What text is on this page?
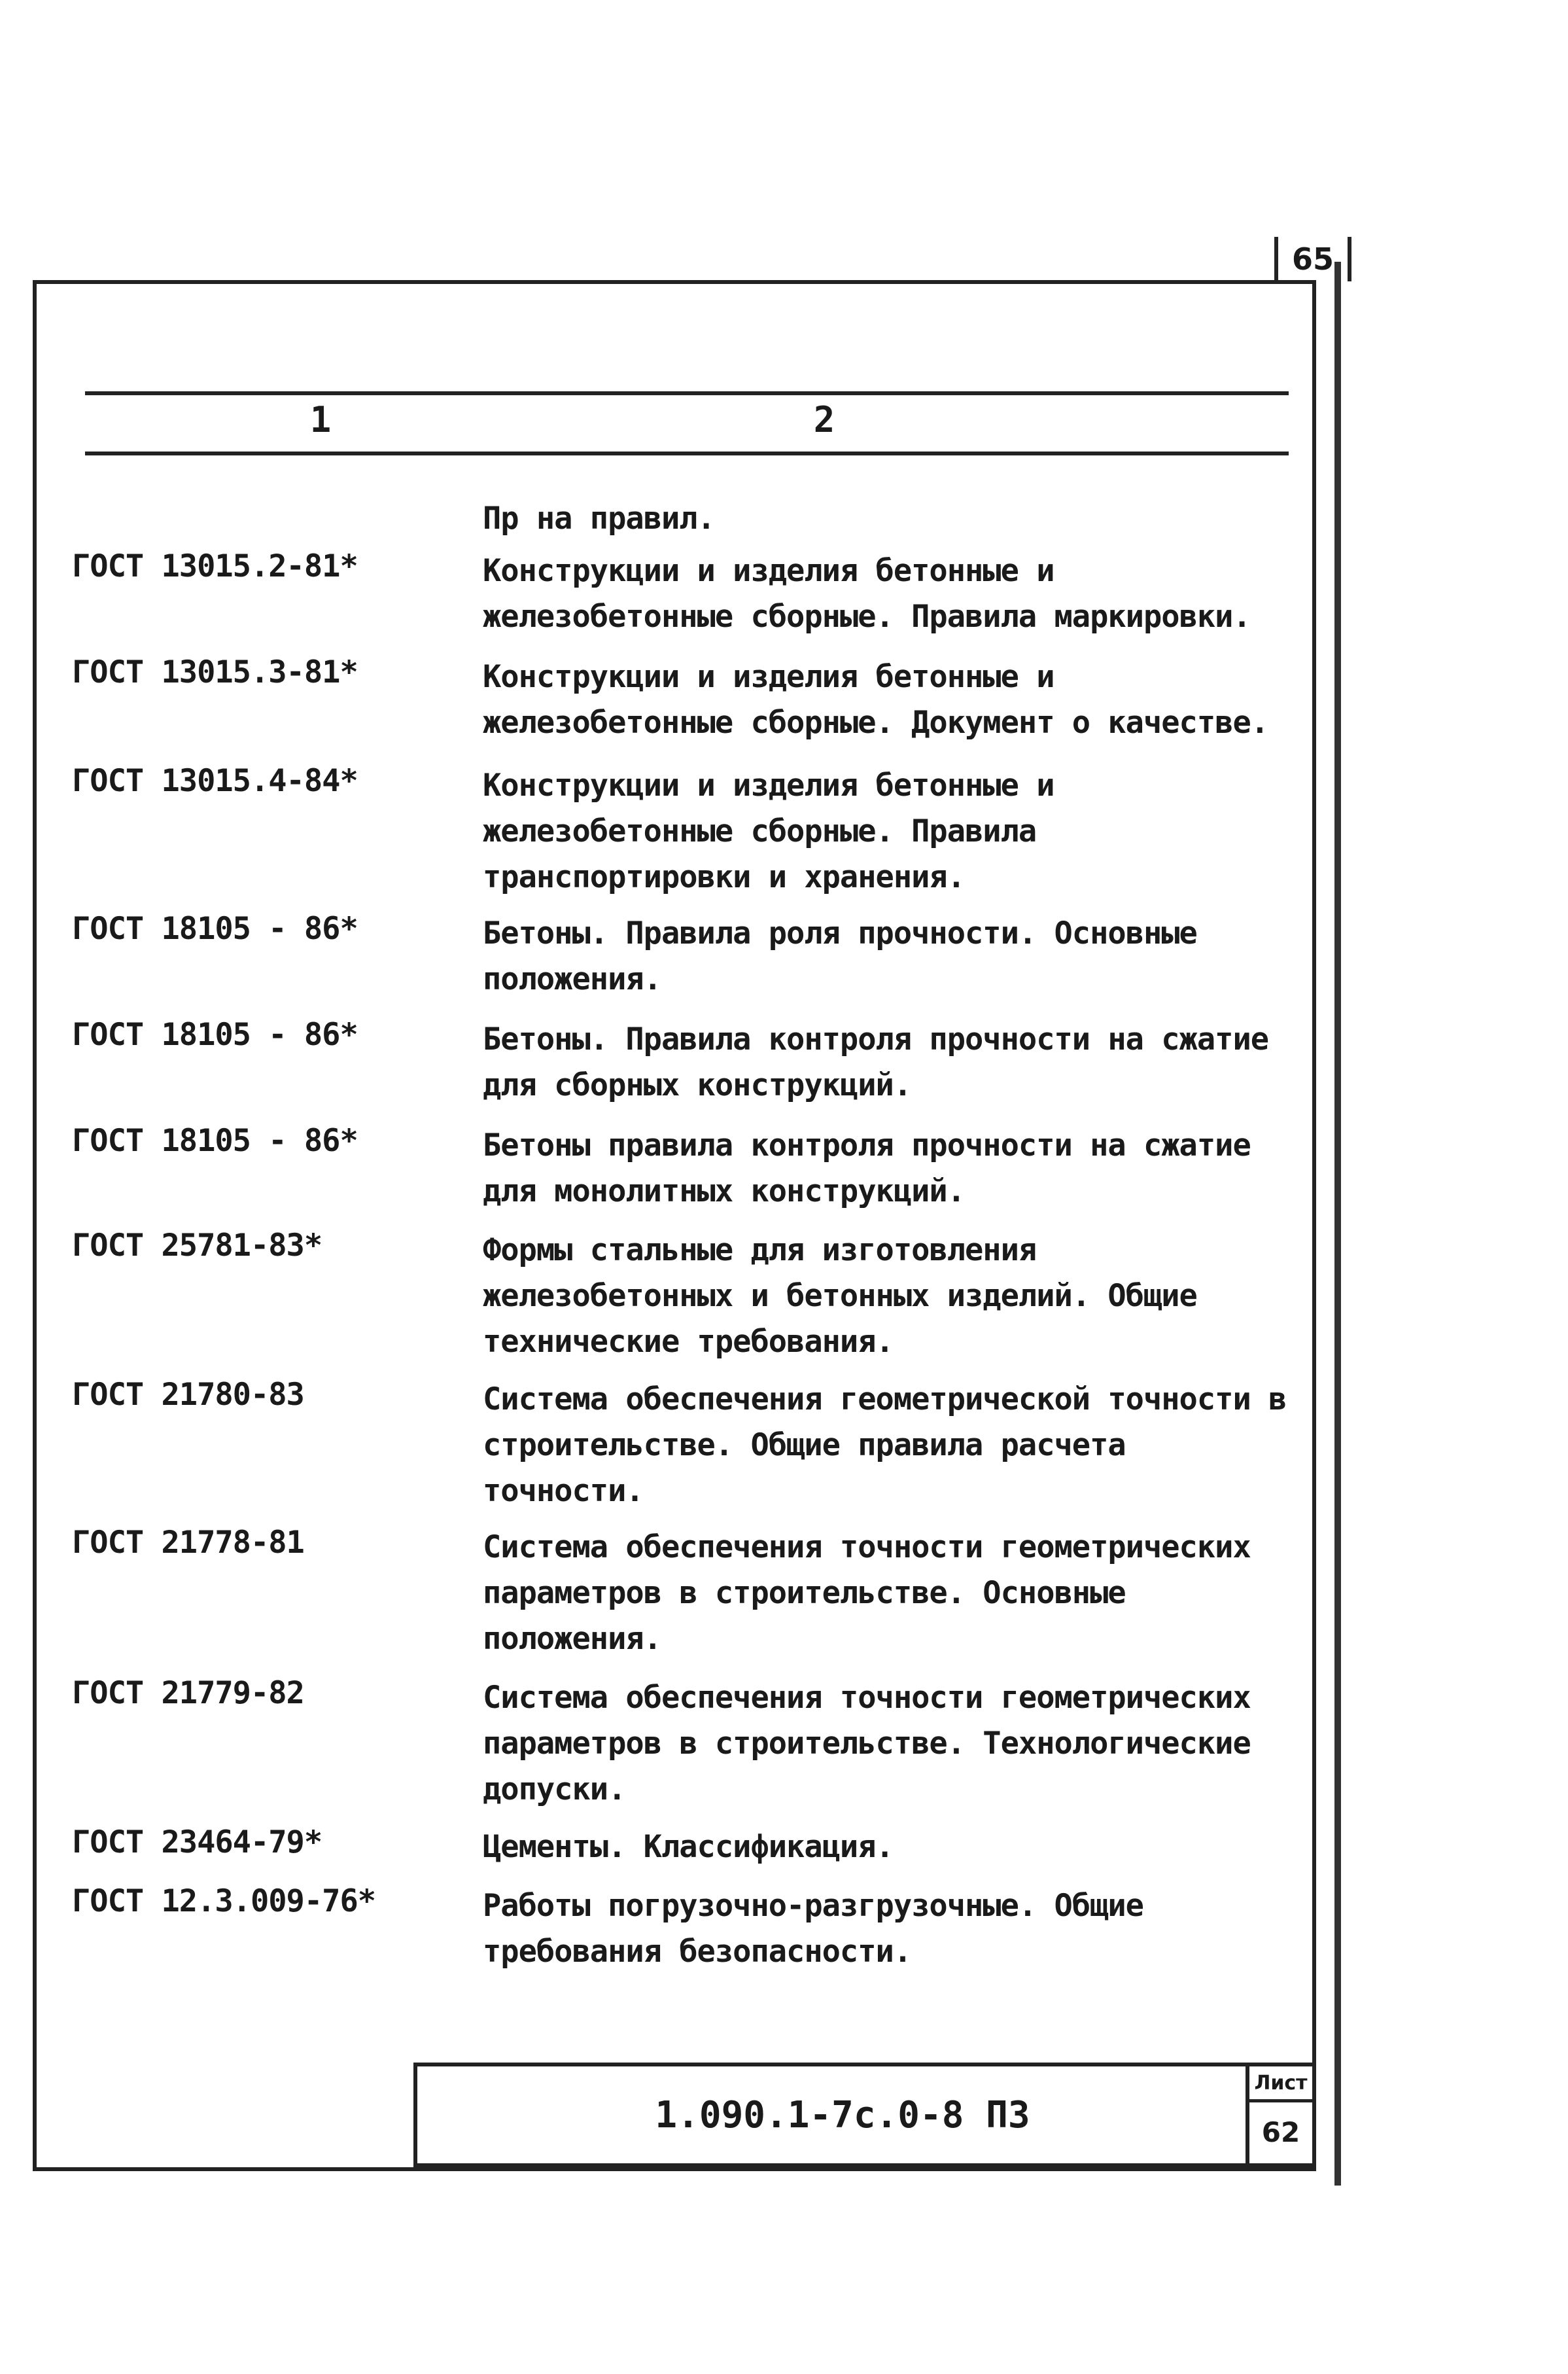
65
1	2
Пр на правил.
ГОСТ 13015.2-81*	Конструкции и изделия бетонные и железобетонные сборные. Правила маркировки.
ГОСТ 13015.3-81*	Конструкции и изделия бетонные и железобетонные сборные. Документ о качестве.
ГОСТ 13015.4-84*	Конструкции и изделия бетонные и железобетонные сборные. Правила транспортировки и хранения.
ГОСТ 18105 - 86*	Бетоны. Правила роля прочности. Основные положения.
ГОСТ 18105 - 86*	Бетоны. Правила контроля прочности на сжатие для сборных конструкций.
ГОСТ 18105 - 86*	Бетоны правила контроля прочности на сжатие для монолитных конструкций.
ГОСТ 25781-83*	Формы стальные для изготовления железобетонных и бетонных изделий. Общие технические требования.
ГОСТ 21780-83	Система обеспечения геометрической точности в строительстве. Общие правила расчета точности.
ГОСТ 21778-81	Система обеспечения точности геометрических параметров в строительстве. Основные положения.
ГОСТ 21779-82	Система обеспечения точности геометрических параметров в строительстве. Технологические допуски.
ГОСТ 23464-79*	Цементы. Классификация.
ГОСТ 12.3.009-76*	Работы погрузочно-разгрузочные. Общие требования безопасности.
1.090.1-7с.0-8 ПЗ
Лист
62
